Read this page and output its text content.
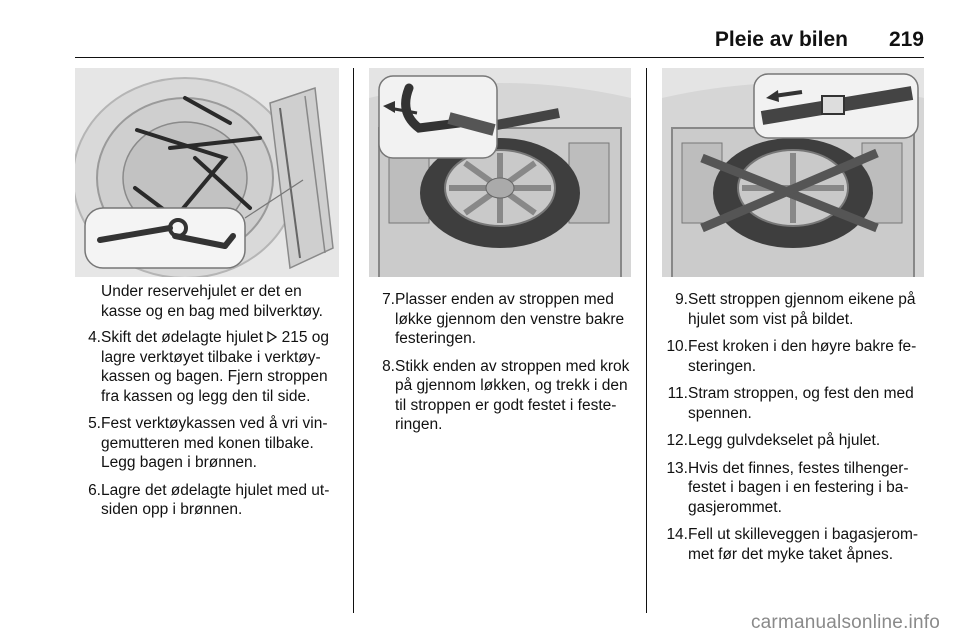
Pleie av bilen 219

Under reservehjulet er det en kasse og en bag med bilverktøy.

4. Skift det ødelagte hjulet  215 og lagre verktøyet tilbake i verktøykassen og bagen. Fjern stroppen fra kassen og legg den til side.
5. Fest verktøykassen ved å vri vingemutteren med konen tilbake. Legg bagen i brønnen.
6. Lagre det ødelagte hjulet med utsiden opp i brønnen.
7. Plasser enden av stroppen med løkke gjennom den venstre bakre festeringen.
8. Stikk enden av stroppen med krok på gjennom løkken, og trekk i den til stroppen er godt festet i festeringen.
9. Sett stroppen gjennom eikene på hjulet som vist på bildet.
10. Fest kroken i den høyre bakre festeringen.
11. Stram stroppen, og fest den med spennen.
12. Legg gulvdekselet på hjulet.
13. Hvis det finnes, festes tilhengerfestet i bagen i en festering i bagasjerommet.
14. Fell ut skilleveggen i bagasjerommet før det myke taket åpnes.
carmanualsonline.info
